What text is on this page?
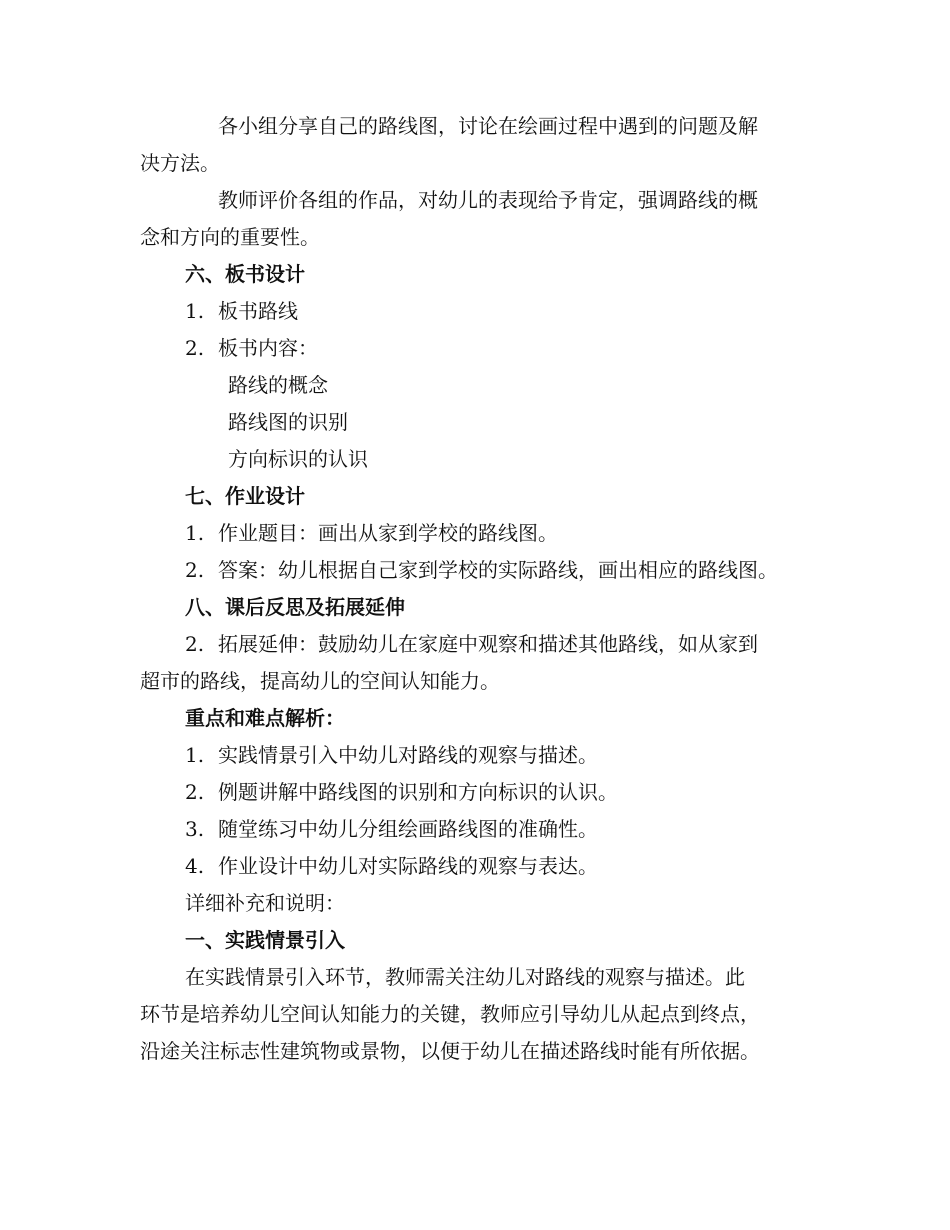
各小组分享自己的路线图，讨论在绘画过程中遇到的问题及解
决方法。
教师评价各组的作品，对幼儿的表现给予肯定，强调路线的概
念和方向的重要性。
六、板书设计
1. 板书路线
2. 板书内容：
路线的概念
路线图的识别
方向标识的认识
七、作业设计
1. 作业题目：画出从家到学校的路线图。
2. 答案：幼儿根据自己家到学校的实际路线，画出相应的路线图。
八、课后反思及拓展延伸
2. 拓展延伸：鼓励幼儿在家庭中观察和描述其他路线，如从家到
超市的路线，提高幼儿的空间认知能力。
重点和难点解析：
1. 实践情景引入中幼儿对路线的观察与描述。
2. 例题讲解中路线图的识别和方向标识的认识。
3. 随堂练习中幼儿分组绘画路线图的准确性。
4. 作业设计中幼儿对实际路线的观察与表达。
详细补充和说明：
一、实践情景引入
在实践情景引入环节，教师需关注幼儿对路线的观察与描述。此
环节是培养幼儿空间认知能力的关键，教师应引导幼儿从起点到终点，
沿途关注标志性建筑物或景物，以便于幼儿在描述路线时能有所依据。
